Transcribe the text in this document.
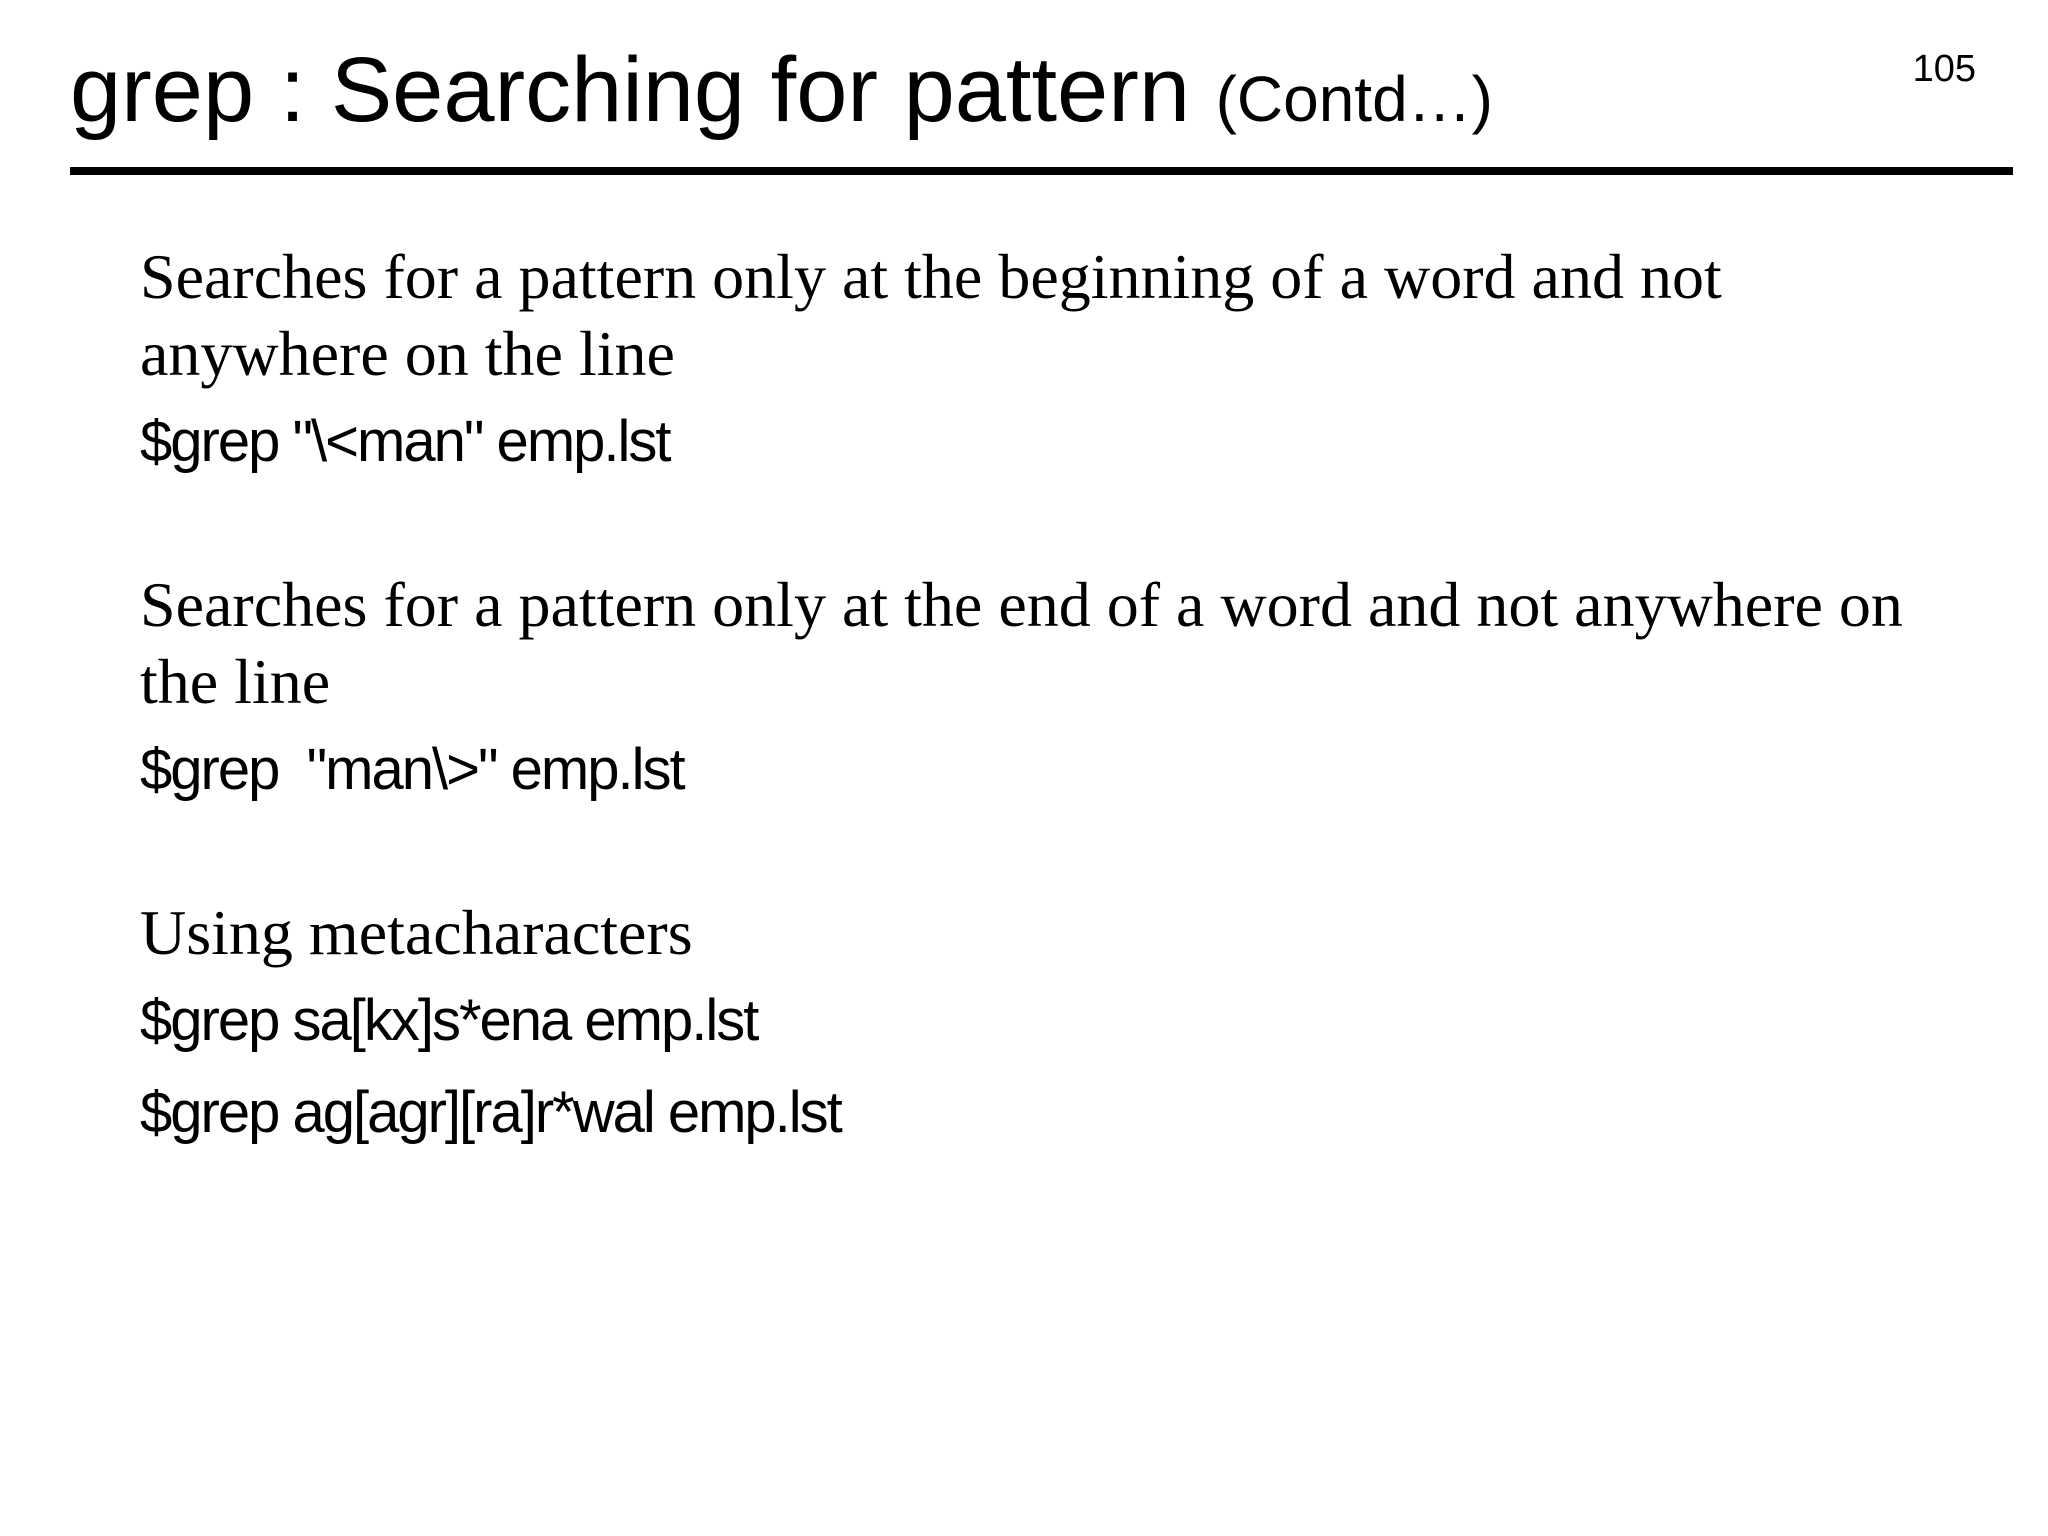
grep : Searching for pattern (Contd…)	105

Searches for a pattern only at the beginning of a word and not anywhere on the line

$grep "\<man" emp.lst

Searches for a pattern only at the end of a word and not anywhere on the line

$grep  "man\>" emp.lst

Using metacharacters

$grep sa[kx]s*ena emp.lst

$grep ag[agr][ra]r*wal emp.lst
